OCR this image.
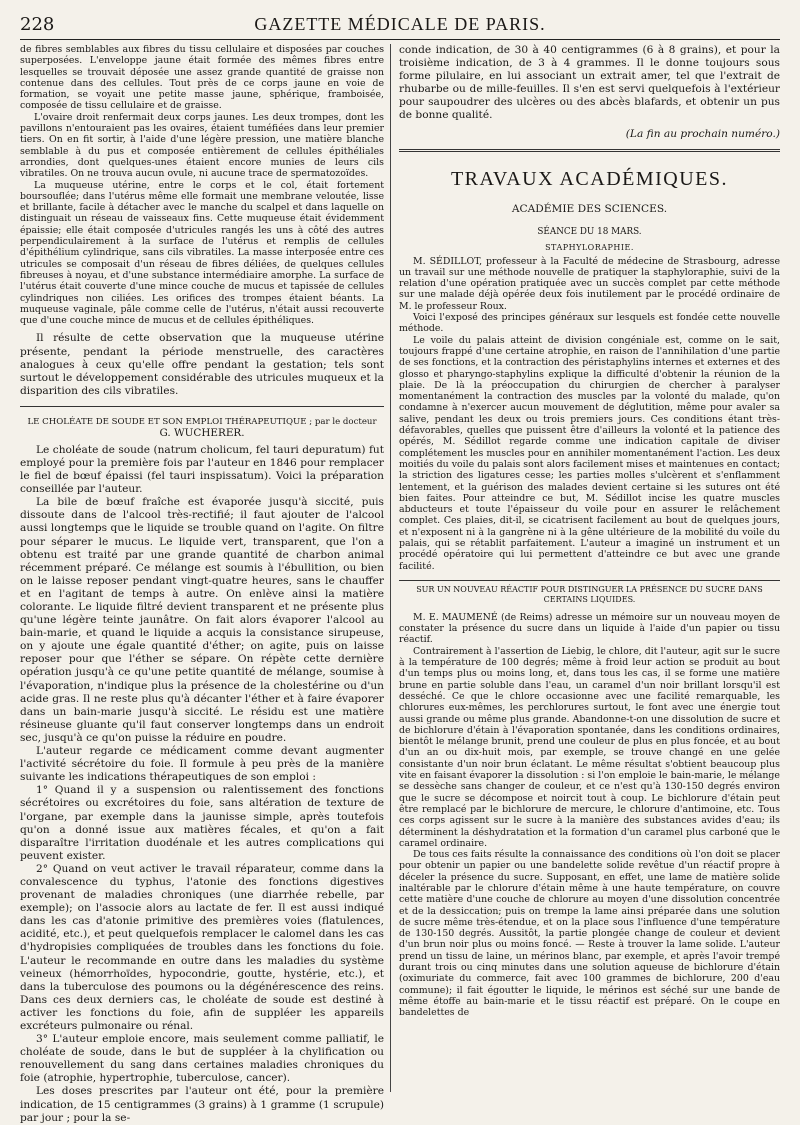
228	GAZETTE MÉDICALE DE PARIS.

de fibres semblables aux fibres du tissu cellulaire et disposées par couches superposées. L'enveloppe jaune était formée des mêmes fibres entre lesquelles se trouvait déposée une assez grande quantité de graisse non contenue dans des cellules. Tout près de ce corps jaune en voie de formation, se voyait une petite masse jaune, sphérique, framboisée, composée de tissu cellulaire et de graisse.

L'ovaire droit renfermait deux corps jaunes. Les deux trompes, dont les pavillons n'entouraient pas les ovaires, étaient tuméfiées dans leur premier tiers. On en fit sortir, à l'aide d'une légère pression, une matière blanche semblable à du pus et composée entièrement de cellules épithéliales arrondies, dont quelques-unes étaient encore munies de leurs cils vibratiles. On ne trouva aucun ovule, ni aucune trace de spermatozoïdes.

La muqueuse utérine, entre le corps et le col, était fortement boursouflée; dans l'utérus même elle formait une membrane veloutée, lisse et brillante, facile à détacher avec le manche du scalpel et dans laquelle on distinguait un réseau de vaisseaux fins. Cette muqueuse était évidemment épaissie; elle était composée d'utricules rangés les uns à côté des autres perpendiculairement à la surface de l'utérus et remplis de cellules d'épithélium cylindrique, sans cils vibratiles. La masse interposée entre ces utricules se composait d'un réseau de fibres déliées, de quelques cellules fibreuses à noyau, et d'une substance intermédiaire amorphe. La surface de l'utérus était couverte d'une mince couche de mucus et tapissée de cellules cylindriques non ciliées. Les orifices des trompes étaient béants. La muqueuse vaginale, pâle comme celle de l'utérus, n'était aussi recouverte que d'une couche mince de mucus et de cellules épithéliques.

Il résulte de cette observation que la muqueuse utérine présente, pendant la période menstruelle, des caractères analogues à ceux qu'elle offre pendant la gestation; tels sont surtout le développement considérable des utricules muqueux et la disparition des cils vibratiles.

LE CHOLÉATE DE SOUDE ET SON EMPLOI THÉRAPEUTIQUE ; par le docteur
G. WUCHERER.

Le choléate de soude (natrum cholicum, fel tauri depuratum) fut employé pour la première fois par l'auteur en 1846 pour remplacer le fiel de bœuf épaissi (fel tauri inspissatum). Voici la préparation conseillée par l'auteur.

La bile de bœuf fraîche est évaporée jusqu'à siccité, puis dissoute dans de l'alcool très-rectifié; il faut ajouter de l'alcool aussi longtemps que le liquide se trouble quand on l'agite. On filtre pour séparer le mucus. Le liquide vert, transparent, que l'on a obtenu est traité par une grande quantité de charbon animal récemment préparé. Ce mélange est soumis à l'ébullition, ou bien on le laisse reposer pendant vingt-quatre heures, sans le chauffer et en l'agitant de temps à autre. On enlève ainsi la matière colorante. Le liquide filtré devient transparent et ne présente plus qu'une légère teinte jaunâtre. On fait alors évaporer l'alcool au bain-marie, et quand le liquide a acquis la consistance sirupeuse, on y ajoute une égale quantité d'éther; on agite, puis on laisse reposer pour que l'éther se sépare. On répète cette dernière opération jusqu'à ce qu'une petite quantité de mélange, soumise à l'évaporation, n'indique plus la présence de la cholestérine ou d'un acide gras. Il ne reste plus qu'à décanter l'éther et à faire évaporer dans un bain-marie jusqu'à siccité. Le résidu est une matière résineuse gluante qu'il faut conserver longtemps dans un endroit sec, jusqu'à ce qu'on puisse la réduire en poudre.

L'auteur regarde ce médicament comme devant augmenter l'activité sécrétoire du foie. Il formule à peu près de la manière suivante les indications thérapeutiques de son emploi :

1° Quand il y a suspension ou ralentissement des fonctions sécrétoires ou excrétoires du foie, sans altération de texture de l'organe, par exemple dans la jaunisse simple, après toutefois qu'on a donné issue aux matières fécales, et qu'on a fait disparaître l'irritation duodénale et les autres complications qui peuvent exister.

2° Quand on veut activer le travail réparateur, comme dans la convalescence du typhus, l'atonie des fonctions digestives provenant de maladies chroniques (une diarrhée rebelle, par exemple); on l'associe alors au lactate de fer. Il est aussi indiqué dans les cas d'atonie primitive des premières voies (flatulences, acidité, etc.), et peut quelquefois remplacer le calomel dans les cas d'hydropisies compliquées de troubles dans les fonctions du foie. L'auteur le recommande en outre dans les maladies du système veineux (hémorrhoïdes, hypocondrie, goutte, hystérie, etc.), et dans la tuberculose des poumons ou la dégénérescence des reins. Dans ces deux derniers cas, le choléate de soude est destiné à activer les fonctions du foie, afin de suppléer les appareils excréteurs pulmonaire ou rénal.

3° L'auteur emploie encore, mais seulement comme palliatif, le choléate de soude, dans le but de suppléer à la chylification ou renouvellement du sang dans certaines maladies chroniques du foie (atrophie, hypertrophie, tuberculose, cancer).

Les doses prescrites par l'auteur ont été, pour la première indication, de 15 centigrammes (3 grains) à 1 gramme (1 scrupule) par jour ; pour la se-

conde indication, de 30 à 40 centigrammes (6 à 8 grains), et pour la troisième indication, de 3 à 4 grammes. Il le donne toujours sous forme pilulaire, en lui associant un extrait amer, tel que l'extrait de rhubarbe ou de mille-feuilles. Il s'en est servi quelquefois à l'extérieur pour saupoudrer des ulcères ou des abcès blafards, et obtenir un pus de bonne qualité.

(La fin au prochain numéro.)
TRAVAUX ACADÉMIQUES.
ACADÉMIE DES SCIENCES.
SÉANCE DU 18 MARS.
STAPHYLORAPHIE.

M. SÉDILLOT, professeur à la Faculté de médecine de Strasbourg, adresse un travail sur une méthode nouvelle de pratiquer la staphyloraphie, suivi de la relation d'une opération pratiquée avec un succès complet par cette méthode sur une malade déjà opérée deux fois inutilement par le procédé ordinaire de M. le professeur Roux.

Voici l'exposé des principes généraux sur lesquels est fondée cette nouvelle méthode.

Le voile du palais atteint de division congéniale est, comme on le sait, toujours frappé d'une certaine atrophie, en raison de l'annihilation d'une partie de ses fonctions, et la contraction des péristaphylins internes et externes et des glosso et pharyngo-staphylins explique la difficulté d'obtenir la réunion de la plaie. De là la préoccupation du chirurgien de chercher à paralyser momentanément la contraction des muscles par la volonté du malade, qu'on condamne à n'exercer aucun mouvement de déglutition, même pour avaler sa salive, pendant les deux ou trois premiers jours. Ces conditions étant très-défavorables, quelles que puissent être d'ailleurs la volonté et la patience des opérés, M. Sédillot regarde comme une indication capitale de diviser complétement les muscles pour en annihiler momentanément l'action. Les deux moitiés du voile du palais sont alors facilement mises et maintenues en contact; la striction des ligatures cesse; les parties molles s'ulcèrent et s'enflamment lentement, et la guérison des malades devient certaine si les sutures ont été bien faites. Pour atteindre ce but, M. Sédillot incise les quatre muscles abducteurs et toute l'épaisseur du voile pour en assurer le relâchement complet. Ces plaies, dit-il, se cicatrisent facilement au bout de quelques jours, et n'exposent ni à la gangrène ni à la gêne ultérieure de la mobilité du voile du palais, qui se rétablit parfaitement. L'auteur a imaginé un instrument et un procédé opératoire qui lui permettent d'atteindre ce but avec une grande facilité.

SUR UN NOUVEAU RÉACTIF POUR DISTINGUER LA PRÉSENCE DU SUCRE DANS CERTAINS LIQUIDES.

M. E. MAUMENÉ (de Reims) adresse un mémoire sur un nouveau moyen de constater la présence du sucre dans un liquide à l'aide d'un papier ou tissu réactif.

Contrairement à l'assertion de Liebig, le chlore, dit l'auteur, agit sur le sucre à la température de 100 degrés; même à froid leur action se produit au bout d'un temps plus ou moins long, et, dans tous les cas, il se forme une matière brune en partie soluble dans l'eau, un caramel d'un noir brillant lorsqu'il est desséché. Ce que le chlore occasionne avec une facilité remarquable, les chlorures eux-mêmes, les perchlorures surtout, le font avec une énergie tout aussi grande ou même plus grande. Abandonne-t-on une dissolution de sucre et de bichlorure d'étain à l'évaporation spontanée, dans les conditions ordinaires, bientôt le mélange brunit, prend une couleur de plus en plus foncée, et au bout d'un an ou dix-huit mois, par exemple, se trouve changé en une gelée consistante d'un noir brun éclatant. Le même résultat s'obtient beaucoup plus vite en faisant évaporer la dissolution : si l'on emploie le bain-marie, le mélange se dessèche sans changer de couleur, et ce n'est qu'à 130-150 degrés environ que le sucre se décompose et noircit tout à coup. Le bichlorure d'étain peut être remplacé par le bichlorure de mercure, le chlorure d'antimoine, etc. Tous ces corps agissent sur le sucre à la manière des substances avides d'eau; ils déterminent la déshydratation et la formation d'un caramel plus carboné que le caramel ordinaire.

De tous ces faits résulte la connaissance des conditions où l'on doit se placer pour obtenir un papier ou une bandelette solide revêtue d'un réactif propre à déceler la présence du sucre. Supposant, en effet, une lame de matière solide inaltérable par le chlorure d'étain même à une haute température, on couvre cette matière d'une couche de chlorure au moyen d'une dissolution concentrée et de la dessiccation; puis on trempe la lame ainsi préparée dans une solution de sucre même très-étendue, et on la place sous l'influence d'une température de 130-150 degrés. Aussitôt, la partie plongée change de couleur et devient d'un brun noir plus ou moins foncé. — Reste à trouver la lame solide. L'auteur prend un tissu de laine, un mérinos blanc, par exemple, et après l'avoir trempé durant trois ou cinq minutes dans une solution aqueuse de bichlorure d'étain (oximuriate du commerce, fait avec 100 grammes de bichlorure, 200 d'eau commune); il fait égoutter le liquide, le mérinos est séché sur une bande de même étoffe au bain-marie et le tissu réactif est préparé. On le coupe en bandelettes de
